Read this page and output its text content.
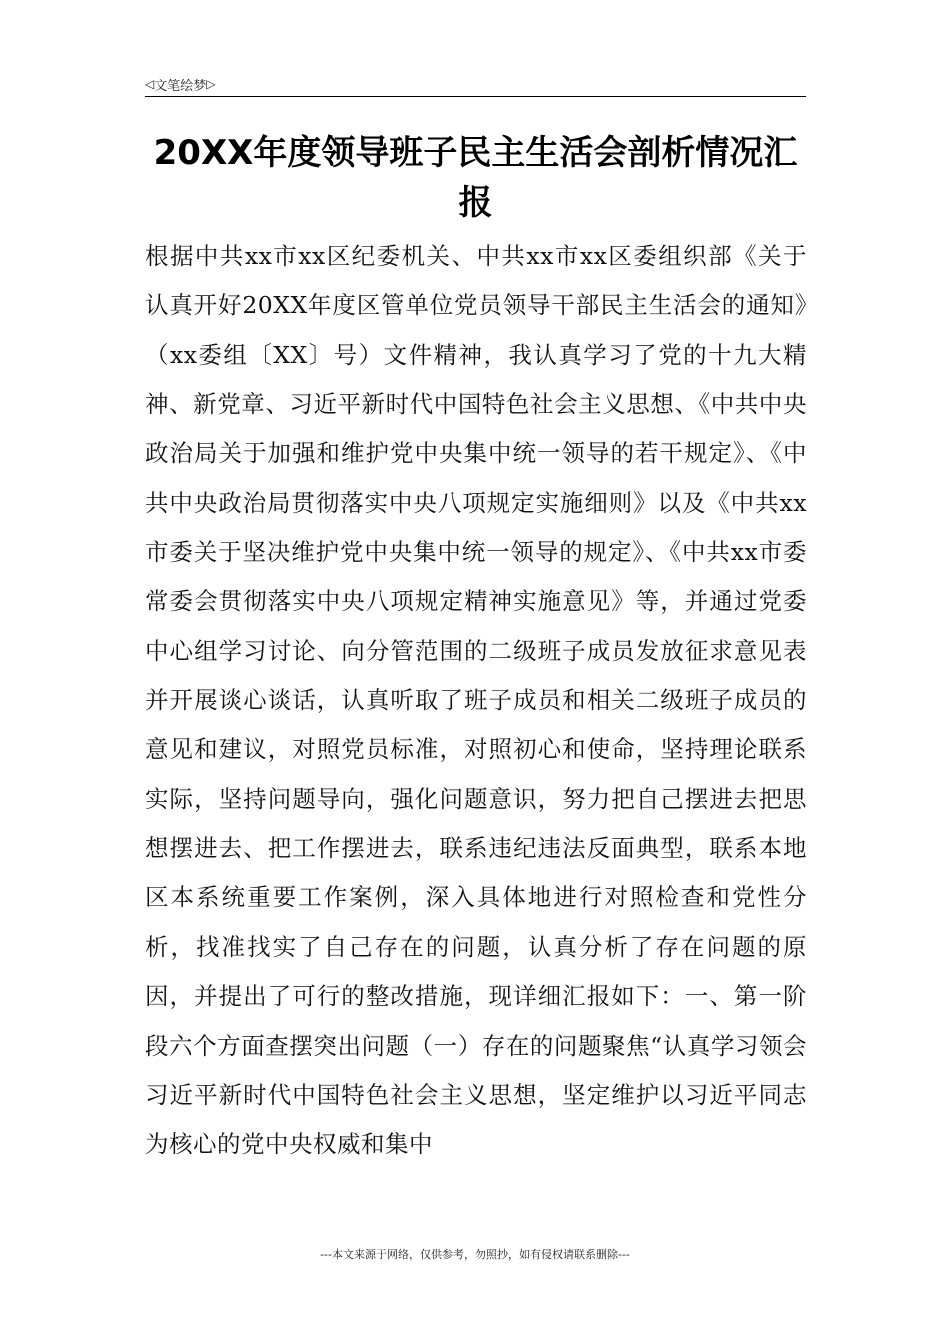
◁ 文笔绘梦 ▷
20XX年度领导班子民主生活会剖析情况汇报

根据中共xx市xx区纪委机关、中共xx市xx区委组织部《关于认真开好20XX年度区管单位党员领导干部民主生活会的通知》（xx委组〔XX〕号）文件精神，我认真学习了党的十九大精神、新党章、习近平新时代中国特色社会主义思想、《中共中央政治局关于加强和维护党中央集中统一领导的若干规定》、《中共中央政治局贯彻落实中央八项规定实施细则》以及《中共xx市委关于坚决维护党中央集中统一领导的规定》、《中共xx市委常委会贯彻落实中央八项规定精神实施意见》等，并通过党委中心组学习讨论、向分管范围的二级班子成员发放征求意见表并开展谈心谈话，认真听取了班子成员和相关二级班子成员的意见和建议，对照党员标准，对照初心和使命，坚持理论联系实际，坚持问题导向，强化问题意识，努力把自己摆进去把思想摆进去、把工作摆进去，联系违纪违法反面典型，联系本地区本系统重要工作案例，深入具体地进行对照检查和党性分析，找准找实了自己存在的问题，认真分析了存在问题的原因，并提出了可行的整改措施，现详细汇报如下：一、第一阶段六个方面查摆突出问题（一）存在的问题聚焦“认真学习领会习近平新时代中国特色社会主义思想，坚定维护以习近平同志为核心的党中央权威和集中

---本文来源于网络，仅供参考，勿照抄，如有侵权请联系删除---
